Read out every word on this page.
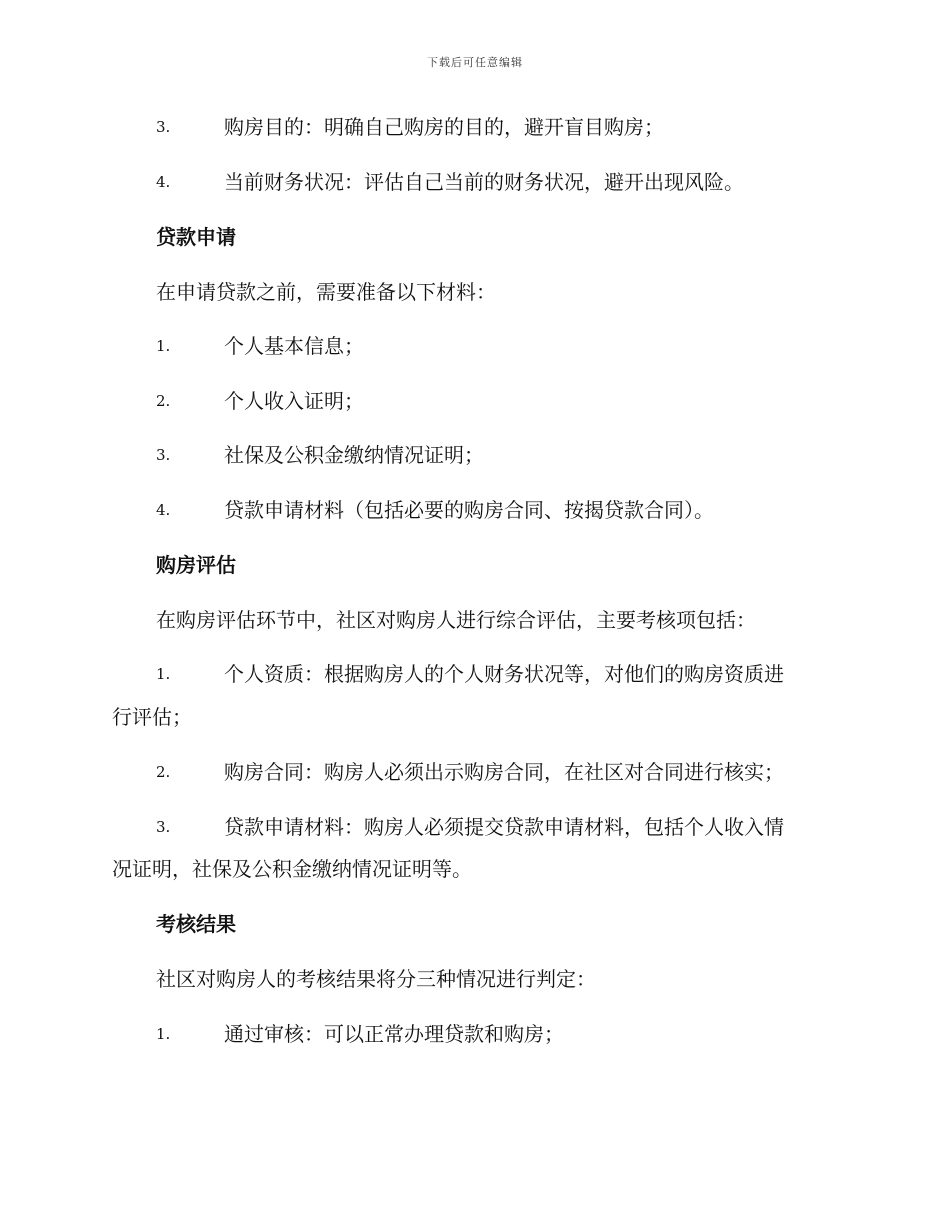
下载后可任意编辑
3.	购房目的：明确自己购房的目的，避开盲目购房；
4.	当前财务状况：评估自己当前的财务状况，避开出现风险。
贷款申请
在申请贷款之前，需要准备以下材料：
1.	个人基本信息；
2.	个人收入证明；
3.	社保及公积金缴纳情况证明；
4.	贷款申请材料（包括必要的购房合同、按揭贷款合同）。
购房评估
在购房评估环节中，社区对购房人进行综合评估，主要考核项包括：
1.	个人资质：根据购房人的个人财务状况等，对他们的购房资质进
行评估；
2.	购房合同：购房人必须出示购房合同，在社区对合同进行核实；
3.	贷款申请材料：购房人必须提交贷款申请材料，包括个人收入情
况证明，社保及公积金缴纳情况证明等。
考核结果
社区对购房人的考核结果将分三种情况进行判定：
1.	通过审核：可以正常办理贷款和购房；
